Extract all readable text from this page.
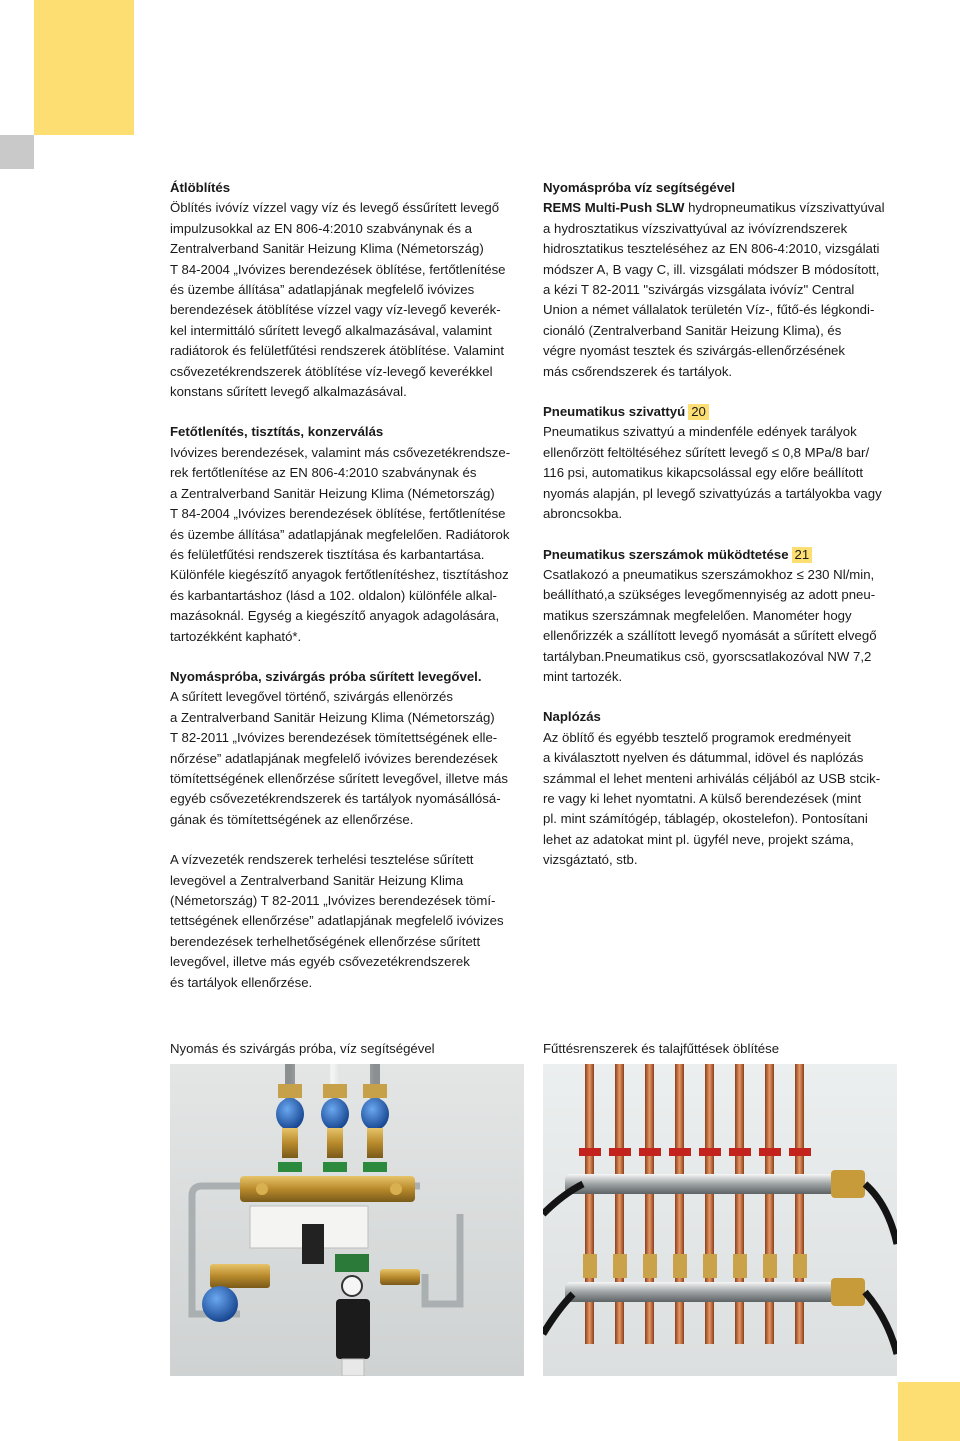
Átlöblítés

Öblítés ivóvíz vízzel vagy víz és levegő éssűrített levegő

impulzusokkal az EN 806-4:2010 szabványnak és a

Zentralverband Sanitär Heizung Klima (Németország)

T 84-2004 „Ivóvizes berendezések öblítése, fertőtlenítése

és üzembe állítása” adatlapjának megfelelő ivóvizes

berendezések átöblítése vízzel vagy víz-levegő keverék-

kel intermittáló sűrített levegő alkalmazásával, valamint

radiátorok és felületfűtési rendszerek átöblítése. Valamint

csővezetékrendszerek átöblítése víz-levegő keverékkel

konstans sűrített levegő alkalmazásával.

Fetőtlenítés, tisztítás, konzerválás

Ivóvizes berendezések, valamint más csővezetékrendsze-

rek fertőtlenítése az EN 806-4:2010 szabványnak és

a Zentralverband Sanitär Heizung Klima (Németország)

T 84-2004 „Ivóvizes berendezések öblítése, fertőtlenítése

és üzembe állítása” adatlapjának megfelelően. Radiátorok

és felületfűtési rendszerek tisztítása és karbantartása.

Különféle kiegészítő anyagok fertőtlenítéshez, tisztításhoz

és karbantartáshoz (lásd a 102. oldalon) különféle alkal-

mazásoknál. Egység a kiegészítő anyagok adagolására,

tartozékként kapható*.

Nyomáspróba, szivárgás próba sűrített levegővel.

A sűrített levegővel történő, szivárgás ellenörzés

a Zentralverband Sanitär Heizung Klima (Németország)

T 82-2011 „Ivóvizes berendezések tömítettségének elle-

nőrzése” adatlapjának megfelelő ivóvizes berendezések

tömítettségének ellenőrzése sűrített levegővel, illetve más

egyéb csővezetékrendszerek és tartályok nyomásállósá-

gának és tömítettségének az ellenőrzése.

A vízvezeték rendszerek terhelési tesztelése sűrített

levegövel a Zentralverband Sanitär Heizung Klima

(Németország) T 82-2011 „Ivóvizes berendezések tömí-

tettségének ellenőrzése” adatlapjának megfelelő ivóvizes

berendezések terhelhetőségének ellenőrzése sűrített

levegővel, illetve más egyéb csővezetékrendszerek

és tartályok ellenőrzése.

Nyomáspróba víz segítségével

REMS Multi-Push SLW hydropneumatikus vízszivattyúval

a hydrosztatikus vízszivattyúval az ivóvízrendszerek

hidrosztatikus teszteléséhez az EN 806-4:2010, vizsgálati

módszer A, B vagy C, ill. vizsgálati módszer B módosított,

a kézi T 82-2011 "szivárgás vizsgálata ivóvíz" Central

Union a német vállalatok területén Víz-, fűtő-és légkondi-

cionáló (Zentralverband Sanitär Heizung Klima), és

végre nyomást tesztek és szivárgás-ellenőrzésének

más csőrendszerek és tartályok.

Pneumatikus szivattyú 20

Pneumatikus szivattyú a mindenféle edények tarályok

ellenőrzött feltöltéséhez sűrített levegő ≤ 0,8 MPa/8 bar/

116 psi, automatikus kikapcsolással egy előre beállított

nyomás alapján, pl levegő szivattyúzás a tartályokba vagy

abroncsokba.

Pneumatikus szerszámok müködtetése 21

Csatlakozó a pneumatikus szerszámokhoz ≤ 230 Nl/min,

beállítható,a szükséges levegőmennyiség az adott pneu-

matikus szerszámnak megfelelően. Manométer hogy

ellenőrizzék a szállított levegő nyomását a sűrített elvegő

tartályban.Pneumatikus csö, gyorscsatlakozóval NW 7,2

mint tartozék.

Naplózás

Az öblítő és egyébb tesztelő programok eredményeit

a kiválasztott nyelven és dátummal, idövel és naplózás

számmal el lehet menteni arhiválás céljából az USB stcik-

re vagy ki lehet nyomtatni. A külső berendezések (mint

pl. mint számítógép, táblagép, okostelefon). Pontosítani

lehet az adatokat mint pl. ügyfél neve, projekt száma,

vizsgáztató, stb.

Nyomás és szivárgás próba, víz segítségével	Fűttésrenszerek és talajfűttések öblítése
